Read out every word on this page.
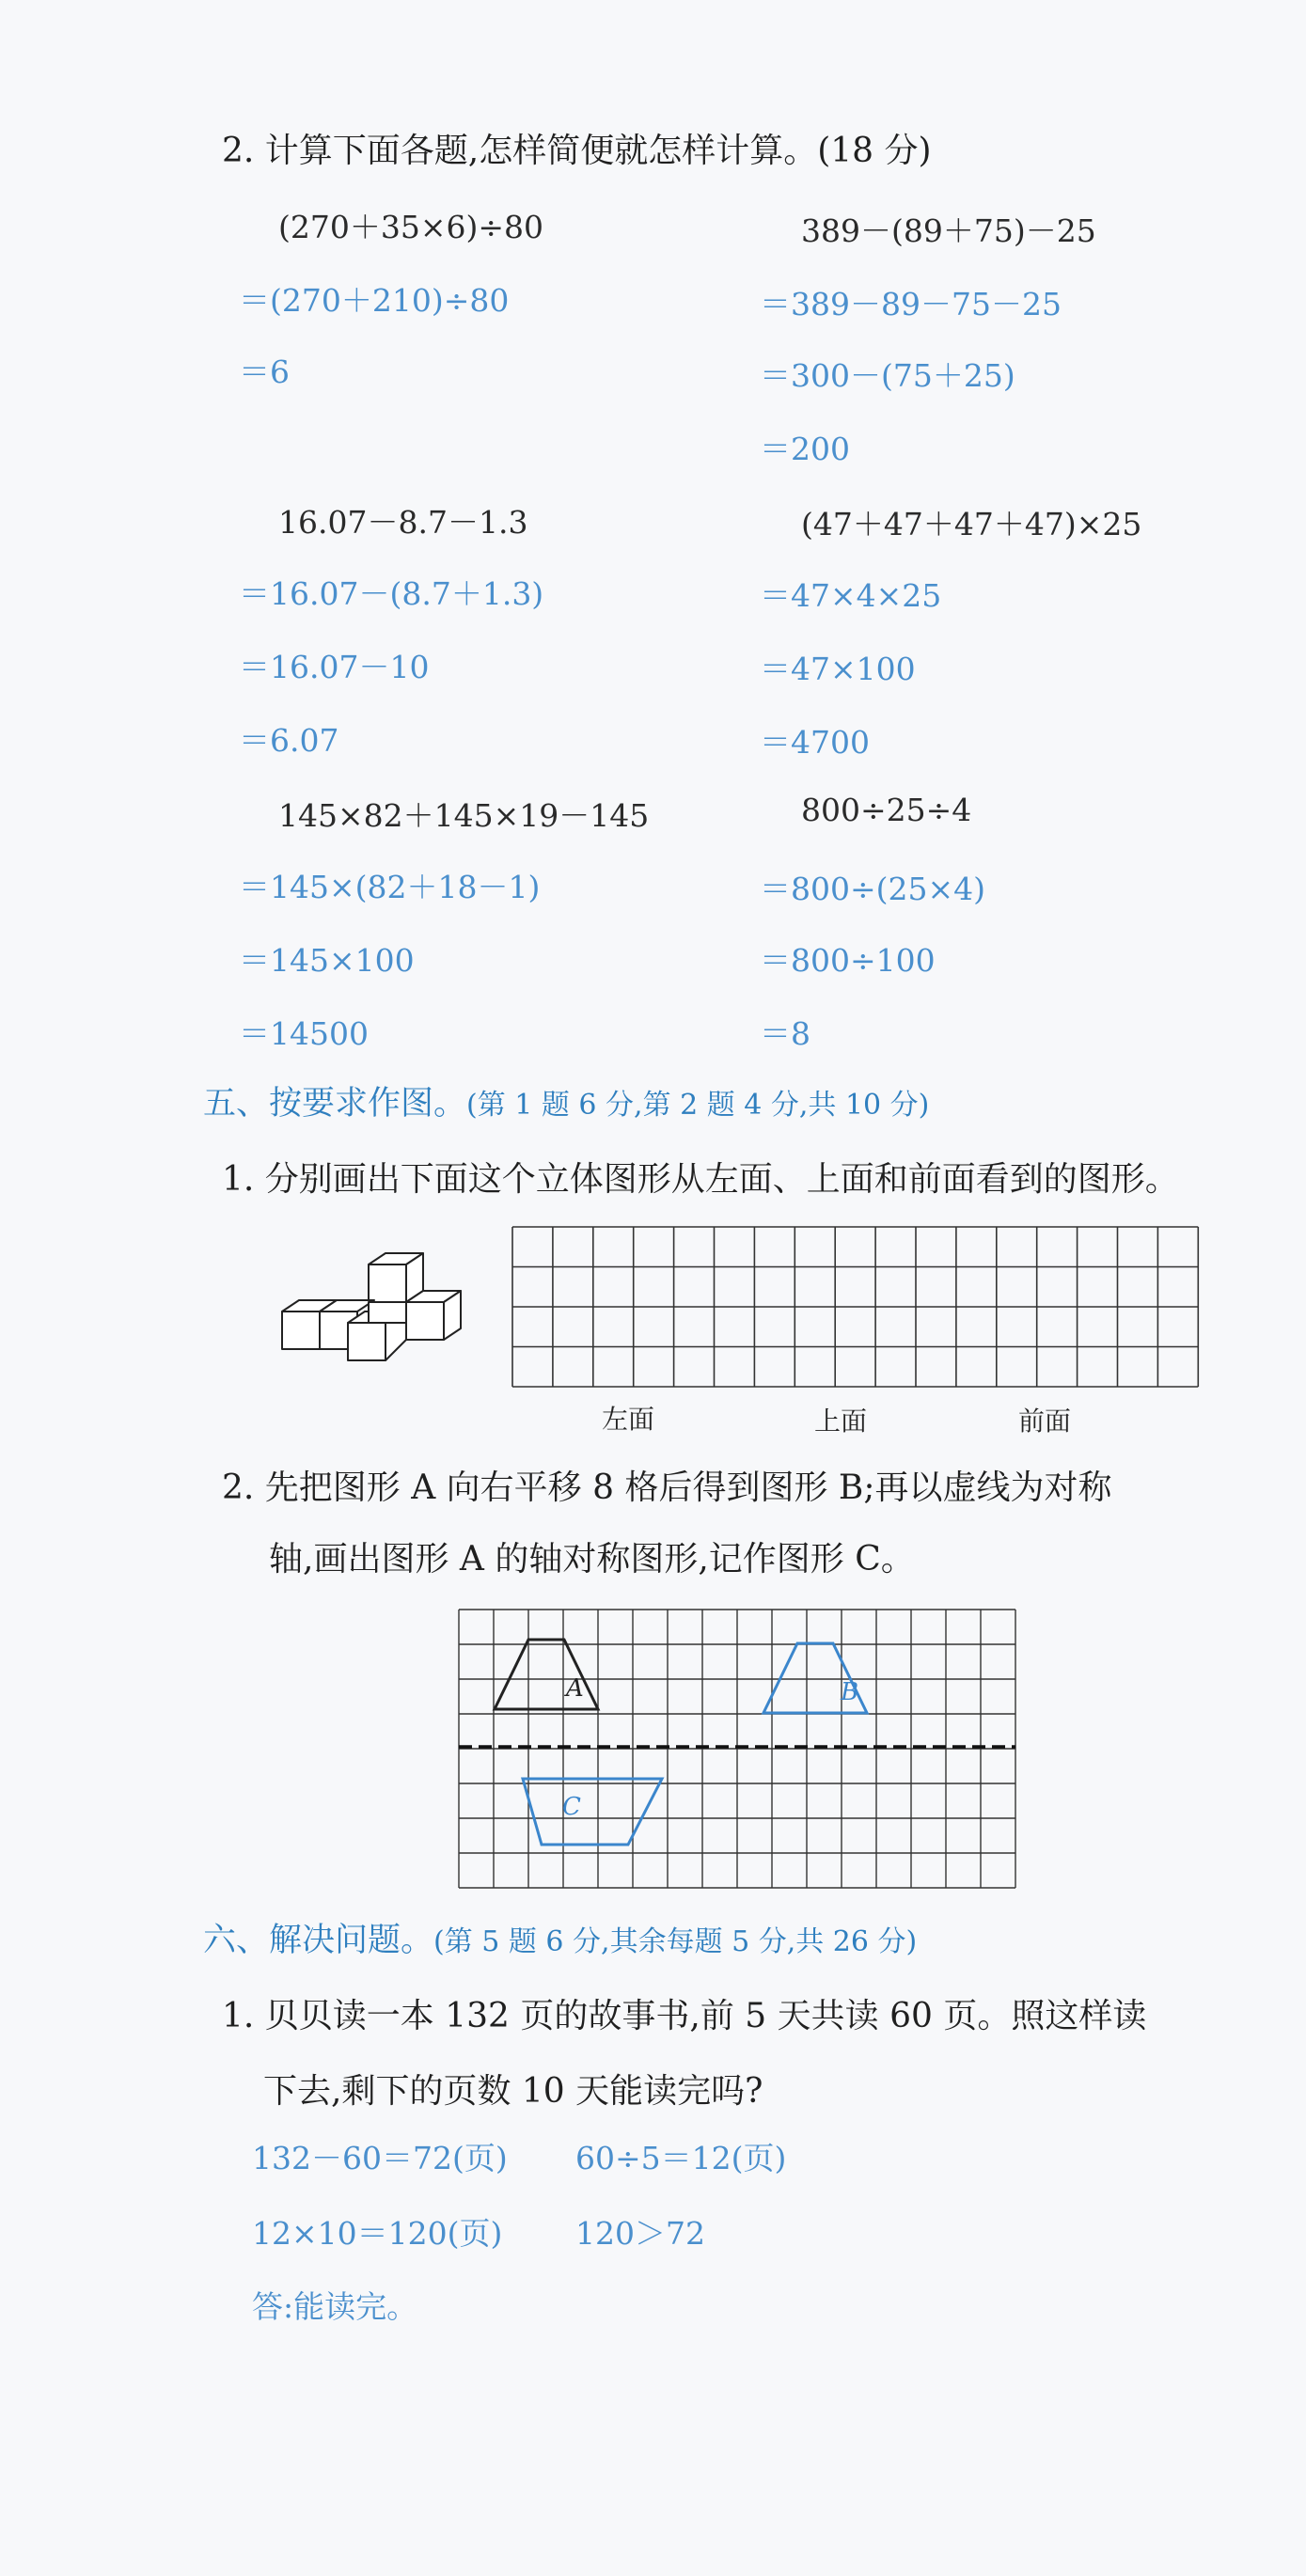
2. 计算下面各题,怎样简便就怎样计算。(18 分)
(270＋35×6)÷80
＝(270＋210)÷80
＝6
16.07－8.7－1.3
＝16.07－(8.7＋1.3)
＝16.07－10
＝6.07
145×82＋145×19－145
＝145×(82＋18－1)
＝145×100
＝14500
389－(89＋75)－25
＝389－89－75－25
＝300－(75＋25)
＝200
(47＋47＋47＋47)×25
＝47×4×25
＝47×100
＝4700
800÷25÷4
＝800÷(25×4)
＝800÷100
＝8
五、按要求作图。(第 1 题 6 分,第 2 题 4 分,共 10 分)
1. 分别画出下面这个立体图形从左面、上面和前面看到的图形。
左面	上面	前面
2. 先把图形 A 向右平移 8 格后得到图形 B;再以虚线为对称
轴,画出图形 A 的轴对称图形,记作图形 C。
A	B
C
六、解决问题。(第 5 题 6 分,其余每题 5 分,共 26 分)
1. 贝贝读一本 132 页的故事书,前 5 天共读 60 页。照这样读
下去,剩下的页数 10 天能读完吗?
132－60＝72(页) 60÷5＝12(页)
12×10＝120(页) 120＞72
答:能读完。
